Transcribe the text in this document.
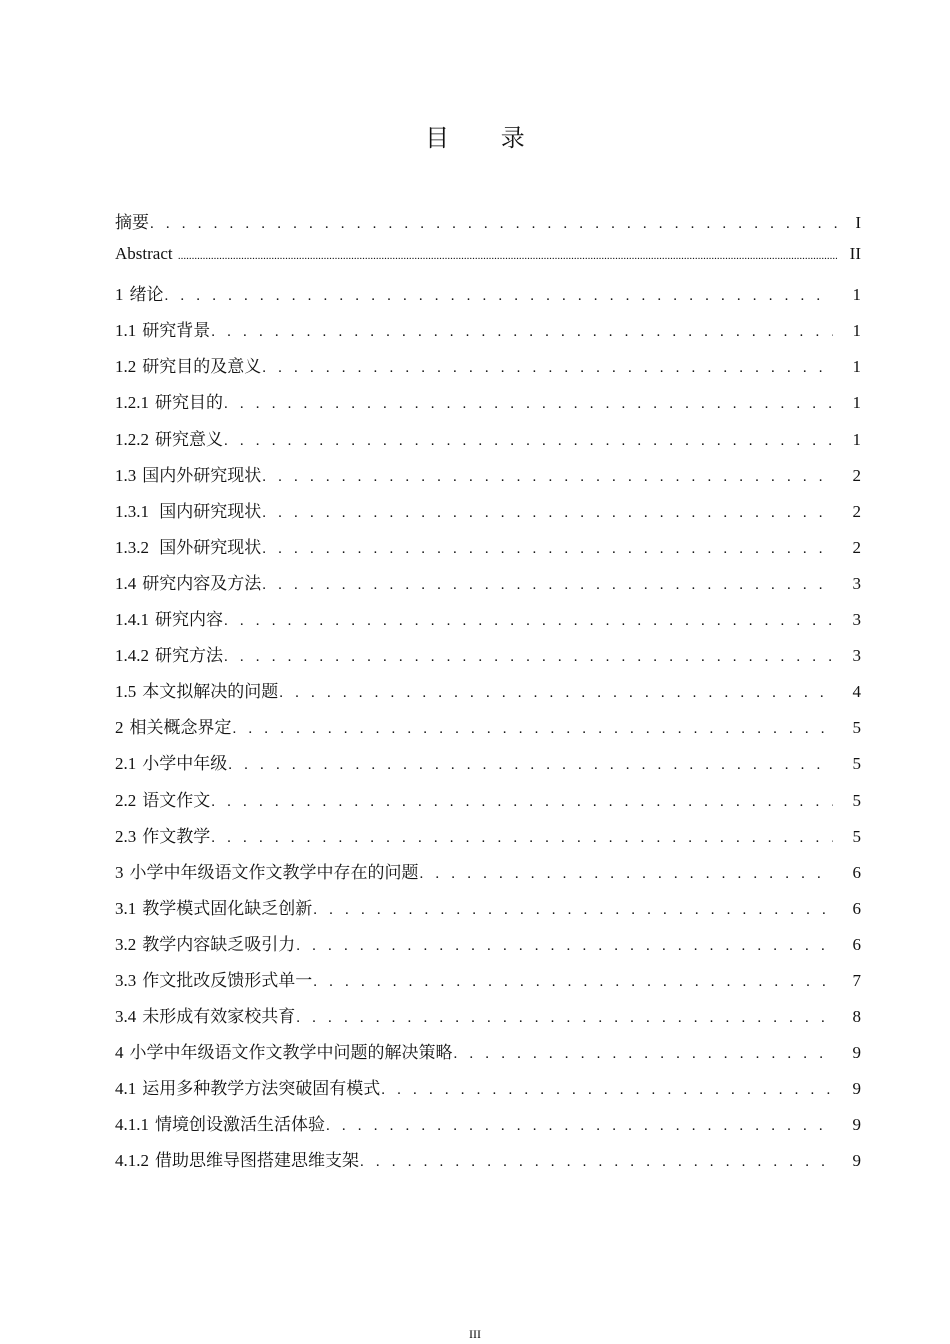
目 录
摘要 . . .	I
Abstract .....	II
1 绪论 . . .	1
1.1 研究背景 . . .	1
1.2 研究目的及意义 . . .	1
1.2.1 研究目的 . . .	1
1.2.2 研究意义 . . .	1
1.3 国内外研究现状 . . .	2
1.3.1 国内研究现状 . . .	2
1.3.2 国外研究现状 . . .	2
1.4 研究内容及方法 . . .	3
1.4.1 研究内容 . . .	3
1.4.2 研究方法 . . .	3
1.5 本文拟解决的问题 . . .	4
2 相关概念界定 . . .	5
2.1 小学中年级 . . .	5
2.2 语文作文 . . .	5
2.3 作文教学 . . .	5
3 小学中年级语文作文教学中存在的问题 . . .	6
3.1 教学模式固化缺乏创新 . . .	6
3.2 教学内容缺乏吸引力 . . .	6
3.3 作文批改反馈形式单一 . . .	7
3.4 未形成有效家校共育 . . .	8
4 小学中年级语文作文教学中问题的解决策略 . . .	9
4.1 运用多种教学方法突破固有模式 . . .	9
4.1.1 情境创设激活生活体验 . . .	9
4.1.2 借助思维导图搭建思维支架 . . .	9
III
